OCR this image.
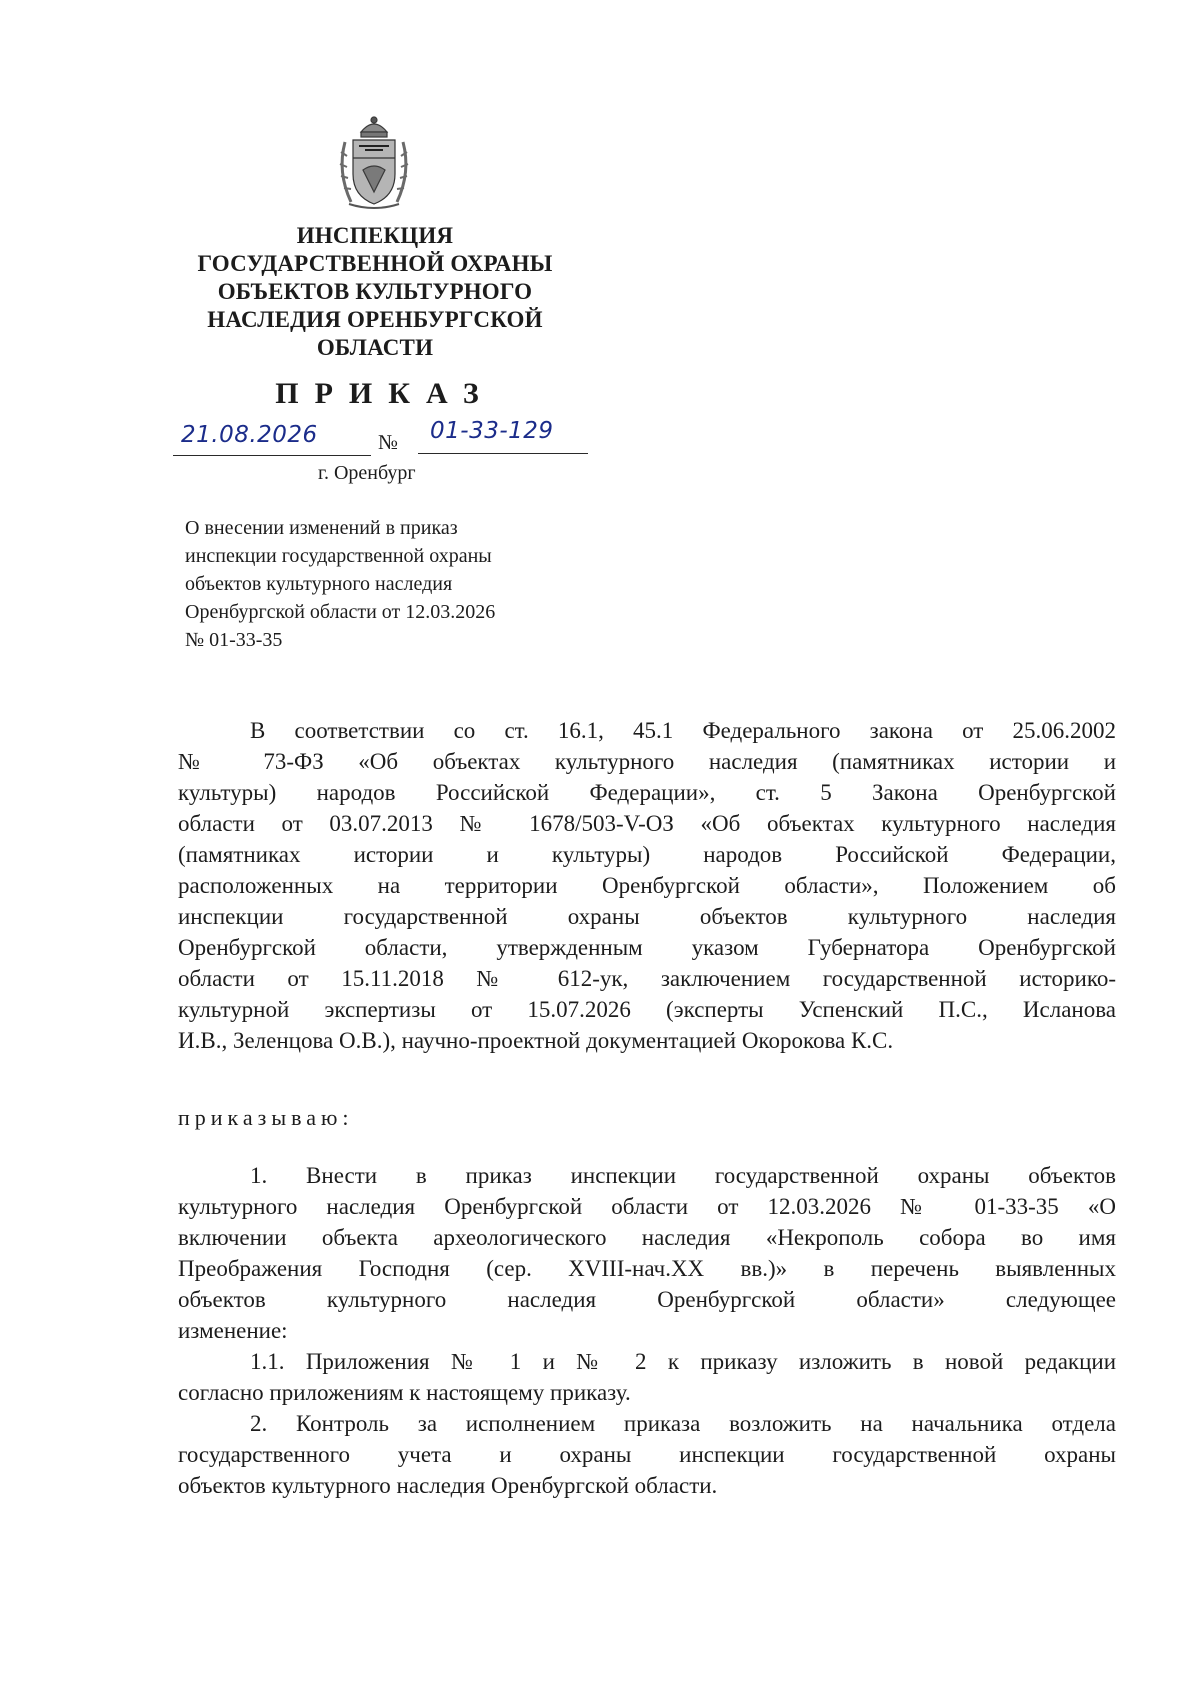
ИНСПЕКЦИЯ
ГОСУДАРСТВЕННОЙ ОХРАНЫ
ОБЪЕКТОВ КУЛЬТУРНОГО
НАСЛЕДИЯ ОРЕНБУРГСКОЙ
ОБЛАСТИ
ПРИКАЗ
21.08.2026	№ 01-33-129
г. Оренбург
О внесении изменений в приказ
инспекции государственной охраны
объектов культурного наследия
Оренбургской области от 12.03.2026
№ 01-33-35
В соответствии со ст. 16.1, 45.1 Федерального закона от 25.06.2002
№ 73-ФЗ «Об объектах культурного наследия (памятниках истории и
культуры) народов Российской Федерации», ст. 5 Закона Оренбургской
области от 03.07.2013 № 1678/503-V-ОЗ «Об объектах культурного наследия
(памятниках истории и культуры) народов Российской Федерации,
расположенных на территории Оренбургской области», Положением об
инспекции государственной охраны объектов культурного наследия
Оренбургской области, утвержденным указом Губернатора Оренбургской
области от 15.11.2018 № 612-ук, заключением государственной историко-
культурной экспертизы от 15.07.2026 (эксперты Успенский П.С., Исланова
И.В., Зеленцова О.В.), научно-проектной документацией Окорокова К.С.
приказываю:
1. Внести в приказ инспекции государственной охраны объектов
культурного наследия Оренбургской области от 12.03.2026 № 01-33-35 «О
включении объекта археологического наследия «Некрополь собора во имя
Преображения Господня (сер. XVIII-нач.XX вв.)» в перечень выявленных
объектов культурного наследия Оренбургской области» следующее
изменение:
1.1. Приложения № 1 и № 2 к приказу изложить в новой редакции
согласно приложениям к настоящему приказу.
2. Контроль за исполнением приказа возложить на начальника отдела
государственного учета и охраны инспекции государственной охраны
объектов культурного наследия Оренбургской области.
